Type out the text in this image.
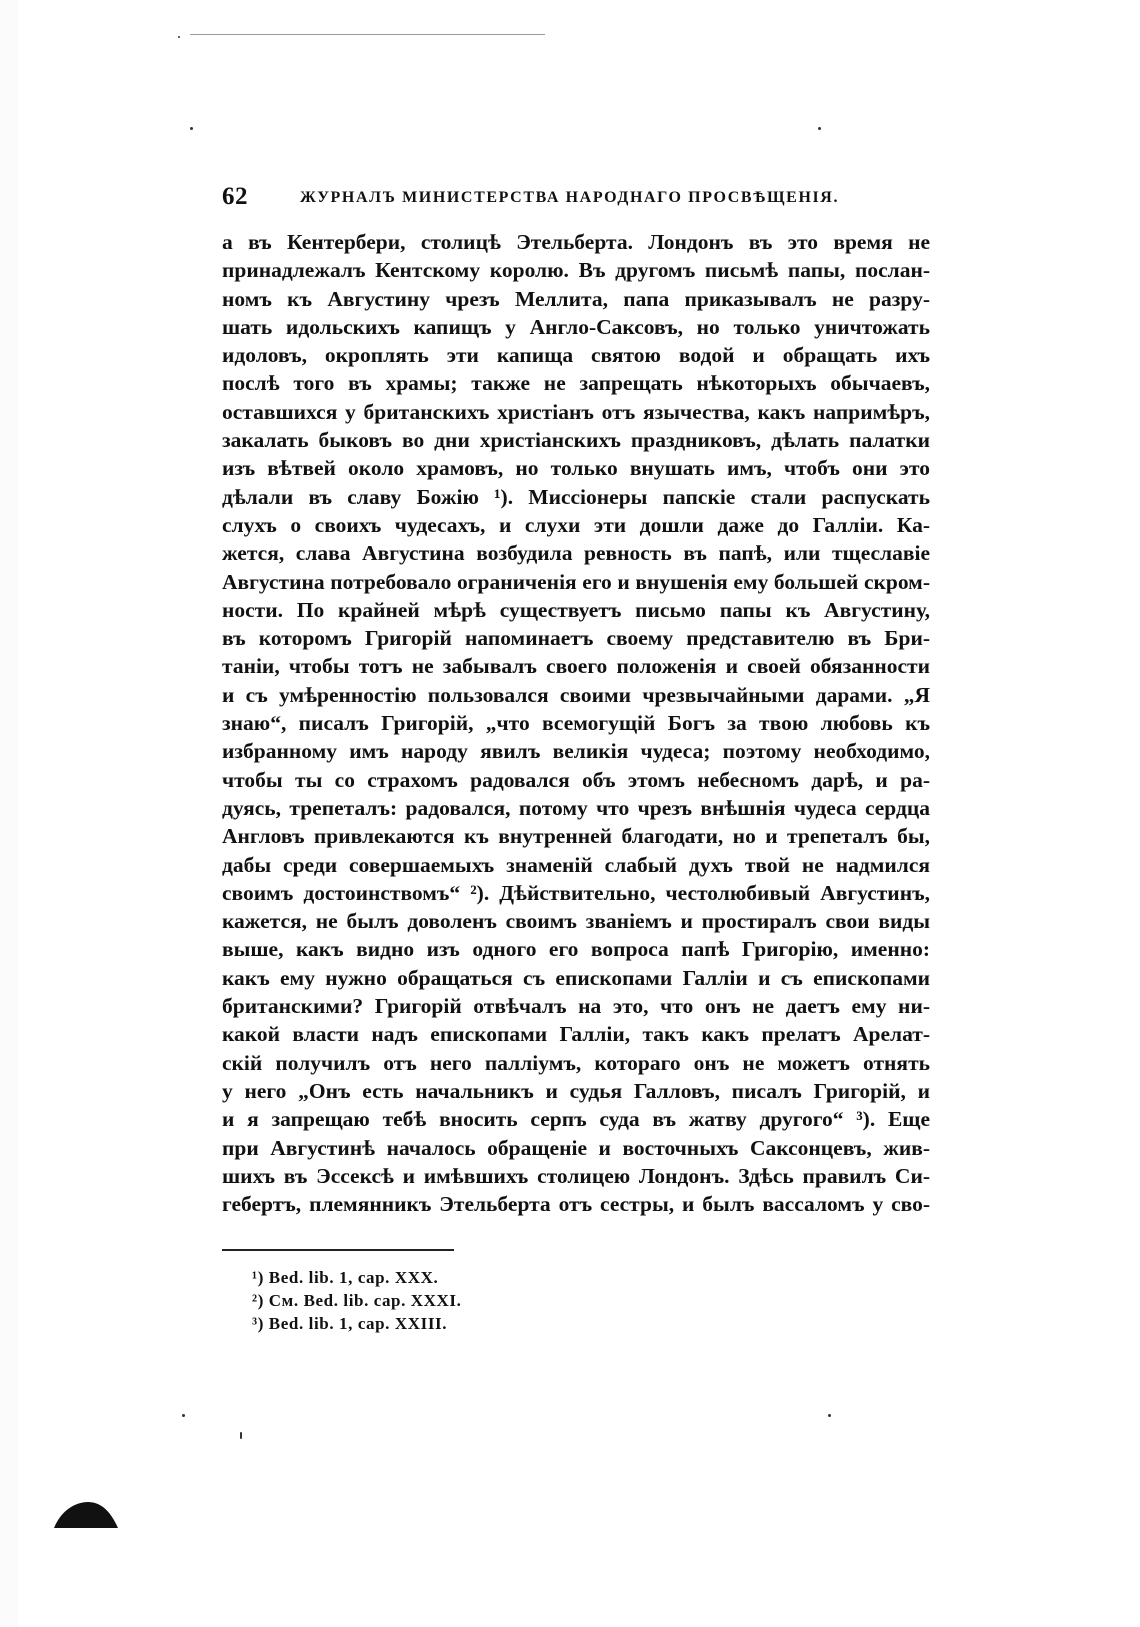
62	ЖУРНАЛЪ МИНИСТЕРСТВА НАРОДНАГО ПРОСВѢЩЕНІЯ.
а въ Кентербери, столицѣ Этельберта. Лондонъ въ это время не
принадлежалъ Кентскому королю. Въ другомъ письмѣ папы, послан-
номъ къ Августину чрезъ Меллита, папа приказывалъ не разру-
шать идольскихъ капищъ у Англо-Саксовъ, но только уничтожать
идоловъ, окроплять эти капища святою водой и обращать ихъ
послѣ того въ храмы; также не запрещать нѣкоторыхъ обычаевъ,
оставшихся у британскихъ христіанъ отъ язычества, какъ напримѣръ,
закалать быковъ во дни христіанскихъ праздниковъ, дѣлать палатки
изъ вѣтвей около храмовъ, но только внушать имъ, чтобъ они это
дѣлали въ славу Божію ¹). Миссіонеры папскіе стали распускать
слухъ о своихъ чудесахъ, и слухи эти дошли даже до Галліи. Ка-
жется, слава Августина возбудила ревность въ папѣ, или тщеславіе
Августина потребовало ограниченія его и внушенія ему большей скром-
ности. По крайней мѣрѣ существуетъ письмо папы къ Августину,
въ которомъ Григорій напоминаетъ своему представителю въ Бри-
таніи, чтобы тотъ не забывалъ своего положенія и своей обязанности
и съ умѣренностію пользовался своими чрезвычайными дарами. „Я
знаю“, писалъ Григорій, „что всемогущій Богъ за твою любовь къ
избранному имъ народу явилъ великія чудеса; поэтому необходимо,
чтобы ты со страхомъ радовался объ этомъ небесномъ дарѣ, и ра-
дуясь, трепеталъ: радовался, потому что чрезъ внѣшнія чудеса сердца
Англовъ привлекаются къ внутренней благодати, но и трепеталъ бы,
дабы среди совершаемыхъ знаменій слабый духъ твой не надмился
своимъ достоинствомъ“ ²). Дѣйствительно, честолюбивый Августинъ,
кажется, не былъ доволенъ своимъ званіемъ и простиралъ свои виды
выше, какъ видно изъ одного его вопроса папѣ Григорію, именно:
какъ ему нужно обращаться съ епископами Галліи и съ епископами
британскими? Григорій отвѣчалъ на это, что онъ не даетъ ему ни-
какой власти надъ епископами Галліи, такъ какъ прелатъ Арелат-
скій получилъ отъ него палліумъ, котораго онъ не можетъ отнять
у него „Онъ есть начальникъ и судья Галловъ, писалъ Григорій, и
и я запрещаю тебѣ вносить серпъ суда въ жатву другого“ ³). Еще
при Августинѣ началось обращеніе и восточныхъ Саксонцевъ, жив-
шихъ въ Эссексѣ и имѣвшихъ столицею Лондонъ. Здѣсь правилъ Си-
гебертъ, племянникъ Этельберта отъ сестры, и былъ вассаломъ у сво-
¹) Bed. lib. 1, cap. XXX.
²) См. Bed. lib. cap. XXXI.
³) Bed. lib. 1, cap. XXIII.
